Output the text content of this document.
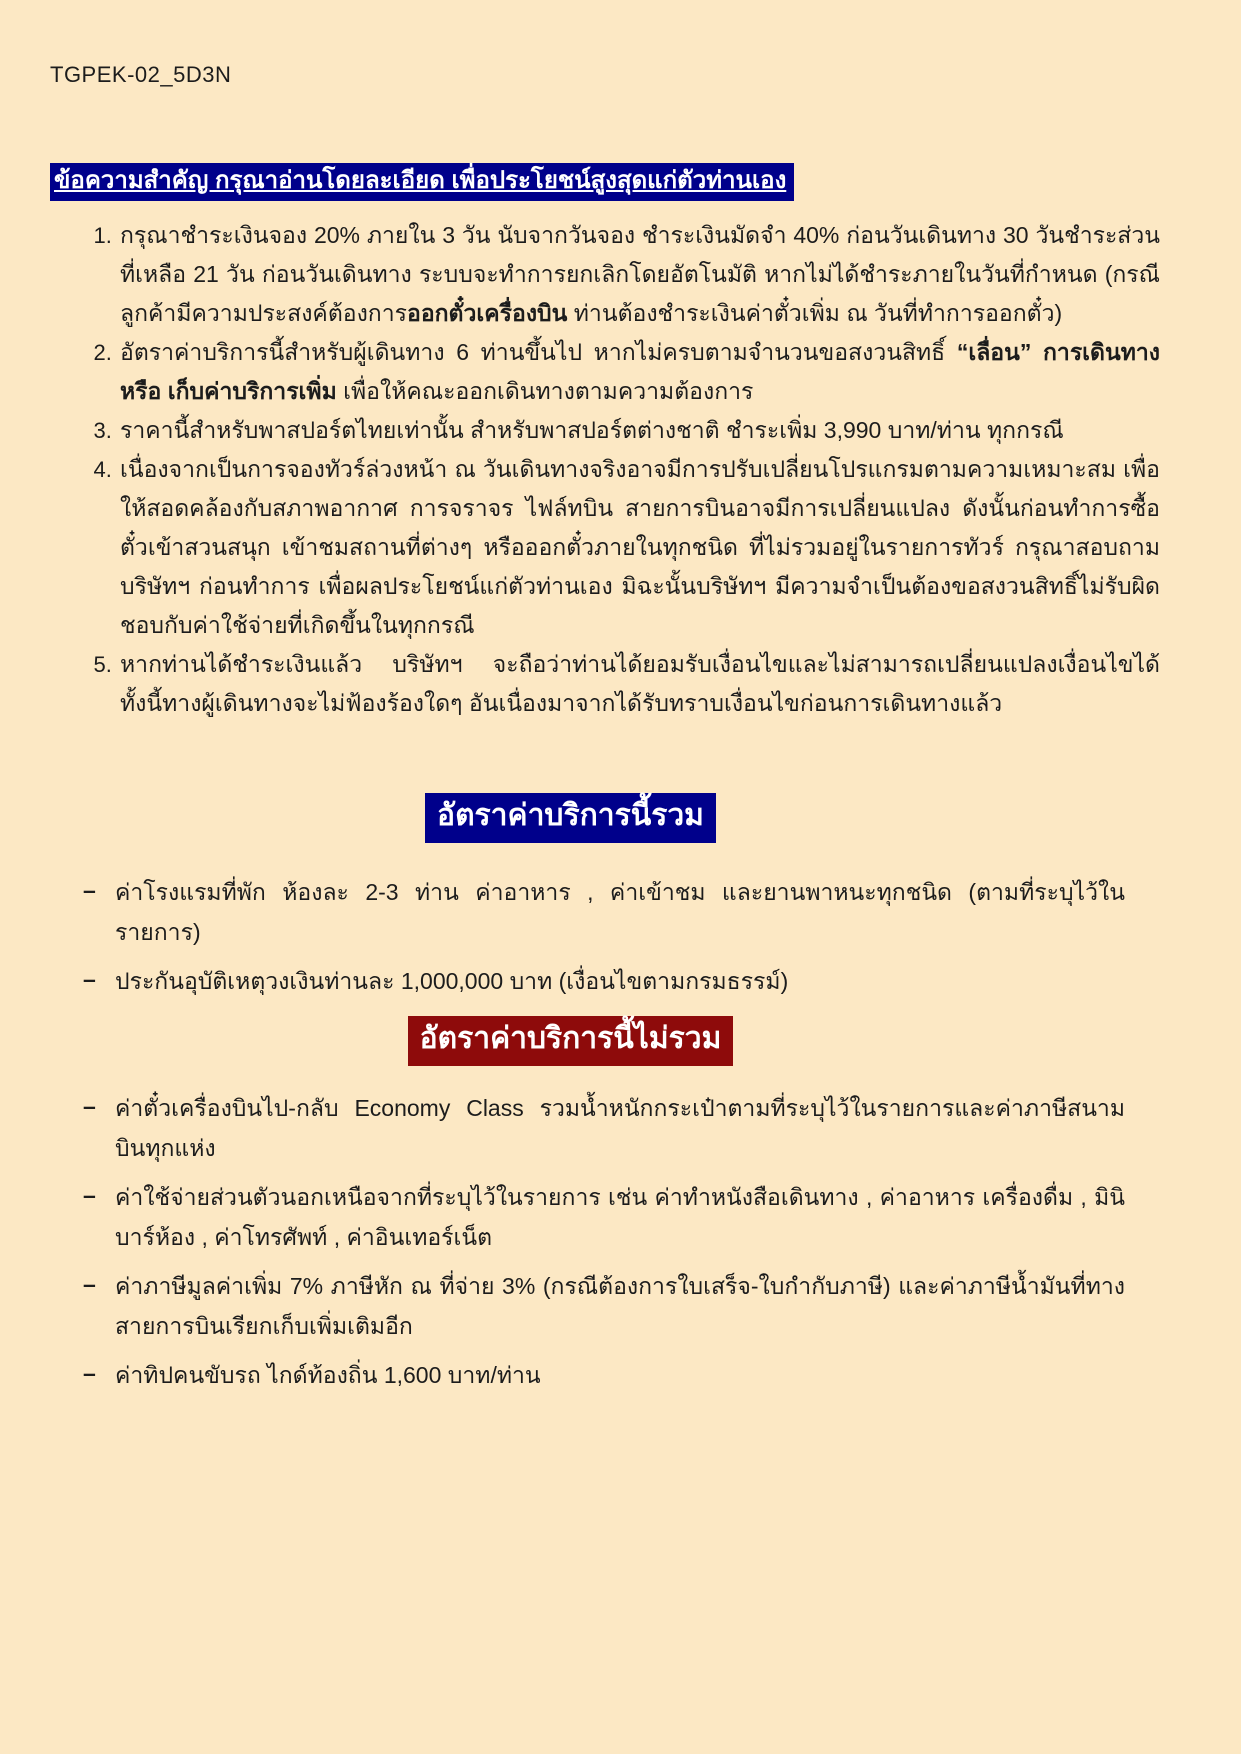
TGPEK-02_5D3N
ข้อความสำคัญ กรุณาอ่านโดยละเอียด เพื่อประโยชน์สูงสุดแก่ตัวท่านเอง
1. กรุณาชำระเงินจอง 20% ภายใน 3 วัน นับจากวันจอง ชำระเงินมัดจำ 40% ก่อนวันเดินทาง 30 วันชำระส่วนที่เหลือ 21 วัน ก่อนวันเดินทาง ระบบจะทำการยกเลิกโดยอัตโนมัติ หากไม่ได้ชำระภายในวันที่กำหนด (กรณีลูกค้ามีความประสงค์ต้องการออกตั๋วเครื่องบิน ท่านต้องชำระเงินค่าตั๋วเพิ่ม ณ วันที่ทำการออกตั๋ว)
2. อัตราค่าบริการนี้สำหรับผู้เดินทาง 6 ท่านขึ้นไป หากไม่ครบตามจำนวนขอสงวนสิทธิ์ “เลื่อน” การเดินทาง หรือ เก็บค่าบริการเพิ่ม เพื่อให้คณะออกเดินทางตามความต้องการ
3. ราคานี้สำหรับพาสปอร์ตไทยเท่านั้น สำหรับพาสปอร์ตต่างชาติ ชำระเพิ่ม 3,990 บาท/ท่าน ทุกกรณี
4. เนื่องจากเป็นการจองทัวร์ล่วงหน้า ณ วันเดินทางจริงอาจมีการปรับเปลี่ยนโปรแกรมตามความเหมาะสม เพื่อให้สอดคล้องกับสภาพอากาศ การจราจร ไฟล์ทบิน สายการบินอาจมีการเปลี่ยนแปลง ดังนั้นก่อนทำการซื้อตั๋วเข้าสวนสนุก เข้าชมสถานที่ต่างๆ หรือออกตั๋วภายในทุกชนิด ที่ไม่รวมอยู่ในรายการทัวร์ กรุณาสอบถามบริษัทฯ ก่อนทำการ เพื่อผลประโยชน์แก่ตัวท่านเอง มิฉะนั้นบริษัทฯ มีความจำเป็นต้องขอสงวนสิทธิ์ไม่รับผิดชอบกับค่าใช้จ่ายที่เกิดขึ้นในทุกกรณี
5. หากท่านได้ชำระเงินแล้ว บริษัทฯ จะถือว่าท่านได้ยอมรับเงื่อนไขและไม่สามารถเปลี่ยนแปลงเงื่อนไขได้ ทั้งนี้ทางผู้เดินทางจะไม่ฟ้องร้องใดๆ อันเนื่องมาจากได้รับทราบเงื่อนไขก่อนการเดินทางแล้ว
อัตราค่าบริการนี้รวม
– ค่าโรงแรมที่พัก ห้องละ 2-3 ท่าน ค่าอาหาร , ค่าเข้าชม และยานพาหนะทุกชนิด (ตามที่ระบุไว้ในรายการ)
– ประกันอุบัติเหตุวงเงินท่านละ 1,000,000 บาท (เงื่อนไขตามกรมธรรม์)
อัตราค่าบริการนี้ไม่รวม
– ค่าตั๋วเครื่องบินไป-กลับ Economy Class รวมน้ำหนักกระเป๋าตามที่ระบุไว้ในรายการและค่าภาษีสนามบินทุกแห่ง
– ค่าใช้จ่ายส่วนตัวนอกเหนือจากที่ระบุไว้ในรายการ เช่น ค่าทำหนังสือเดินทาง , ค่าอาหาร เครื่องดื่ม , มินิบาร์ห้อง , ค่าโทรศัพท์ , ค่าอินเทอร์เน็ต
– ค่าภาษีมูลค่าเพิ่ม 7% ภาษีหัก ณ ที่จ่าย 3% (กรณีต้องการใบเสร็จ-ใบกำกับภาษี) และค่าภาษีน้ำมันที่ทางสายการบินเรียกเก็บเพิ่มเติมอีก
– ค่าทิปคนขับรถ ไกด์ท้องถิ่น 1,600 บาท/ท่าน
